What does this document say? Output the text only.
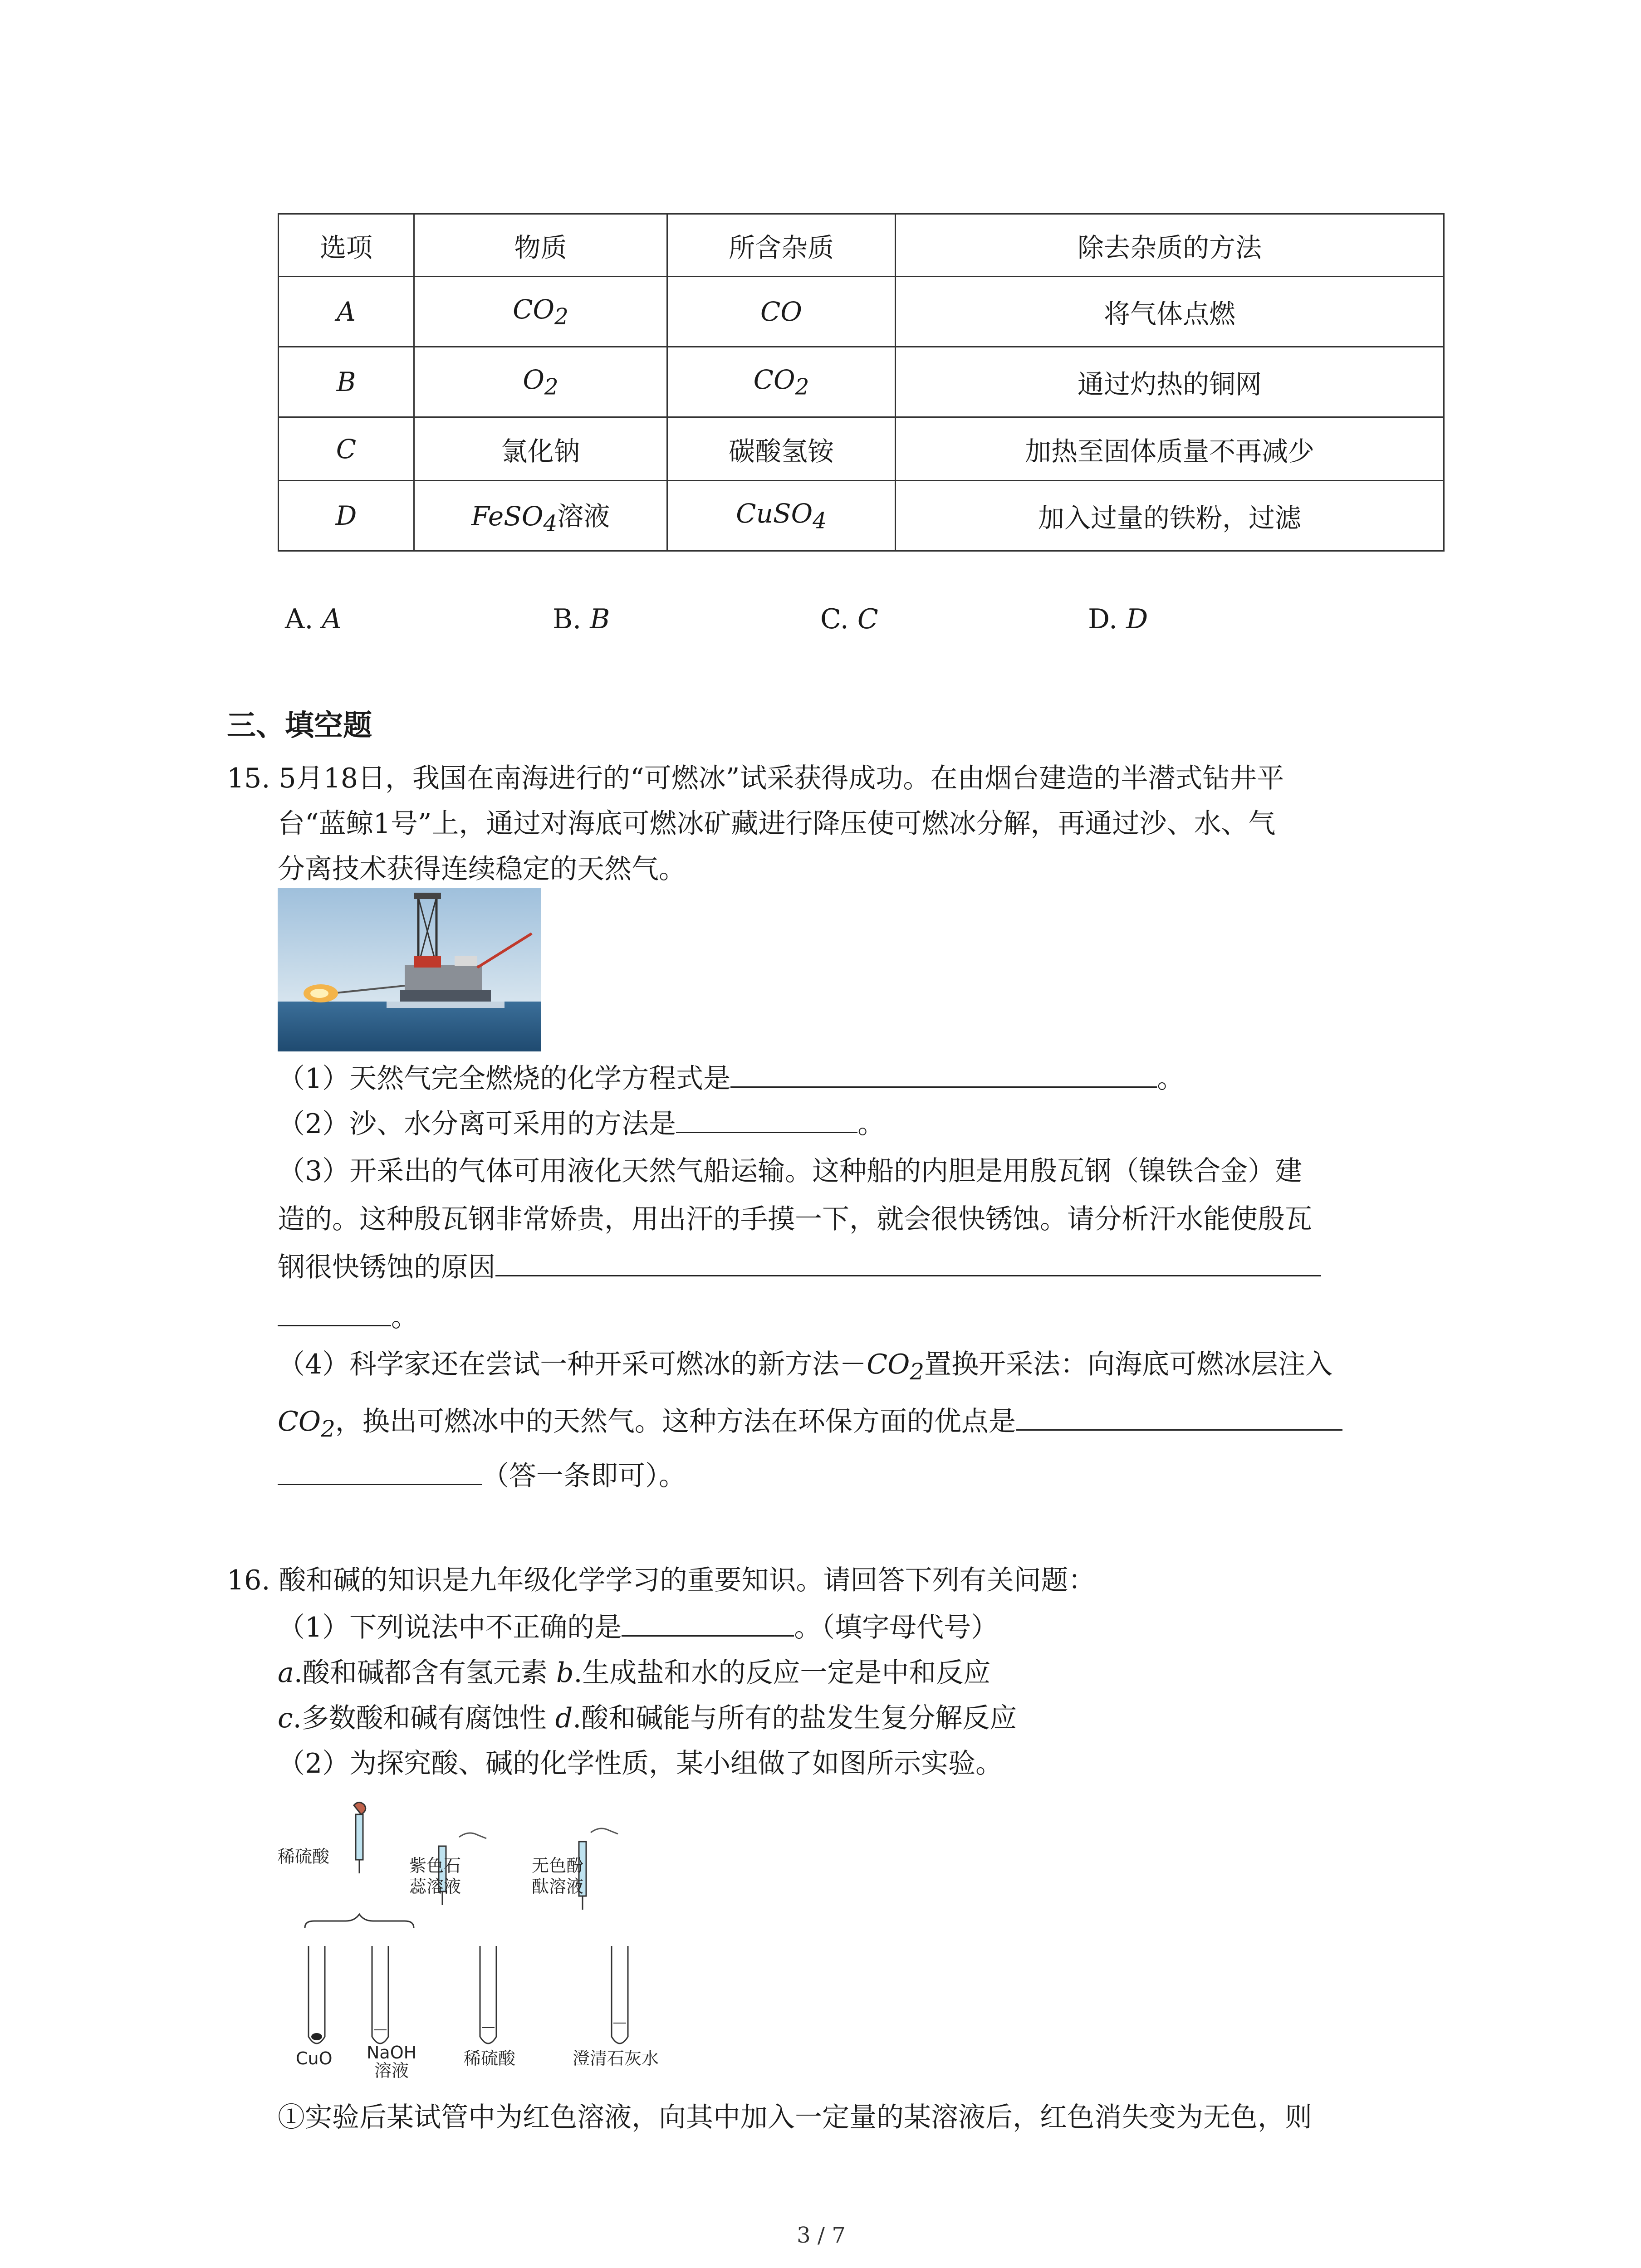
选项	物质	所含杂质	除去杂质的方法
A	$CO_2$	CO	将气体点燃
B	$O_2$	$CO_2$	通过灼热的铜网
C	氯化钠	碳酸氢铵	加热至固体质量不再减少
D	FeSO$_4$溶液	CuSO$_4$	加入过量的铁粉，过滤
A. A	B. B	C. C	D. D
三、填空题
15. 5月18日，我国在南海进行的“可燃冰”试采获得成功。在由烟台建造的半潜式钻井平
台“蓝鲸1号”上，通过对海底可燃冰矿藏进行降压使可燃冰分解，再通过沙、水、气
分离技术获得连续稳定的天然气。
（1）天然气完全燃烧的化学方程式是	。
（2）沙、水分离可采用的方法是	。
（3）开采出的气体可用液化天然气船运输。这种船的内胆是用殷瓦钢（镍铁合金）建
造的。这种殷瓦钢非常娇贵，用出汗的手摸一下，就会很快锈蚀。请分析汗水能使殷瓦
钢很快锈蚀的原因
。
（4）科学家还在尝试一种开采可燃冰的新方法$-CO_2$置换开采法：向海底可燃冰层注入
$CO_2$，换出可燃冰中的天然气。这种方法在环保方面的优点是
（答一条即可）。
16. 酸和碱的知识是九年级化学学习的重要知识。请回答下列有关问题：
（1）下列说法中不正确的是	。（填字母代号）
a.酸和碱都含有氢元素 b.生成盐和水的反应一定是中和反应
c.多数酸和碱有腐蚀性 d.酸和碱能与所有的盐发生复分解反应
（2）为探究酸、碱的化学性质，某小组做了如图所示实验。
稀硫酸	紫色石
蕊溶液
无色酚
酞溶液
CuO NaOH
溶液
稀硫酸	澄清石灰水
①实验后某试管中为红色溶液，向其中加入一定量的某溶液后，红色消失变为无色，则
3 / 7
